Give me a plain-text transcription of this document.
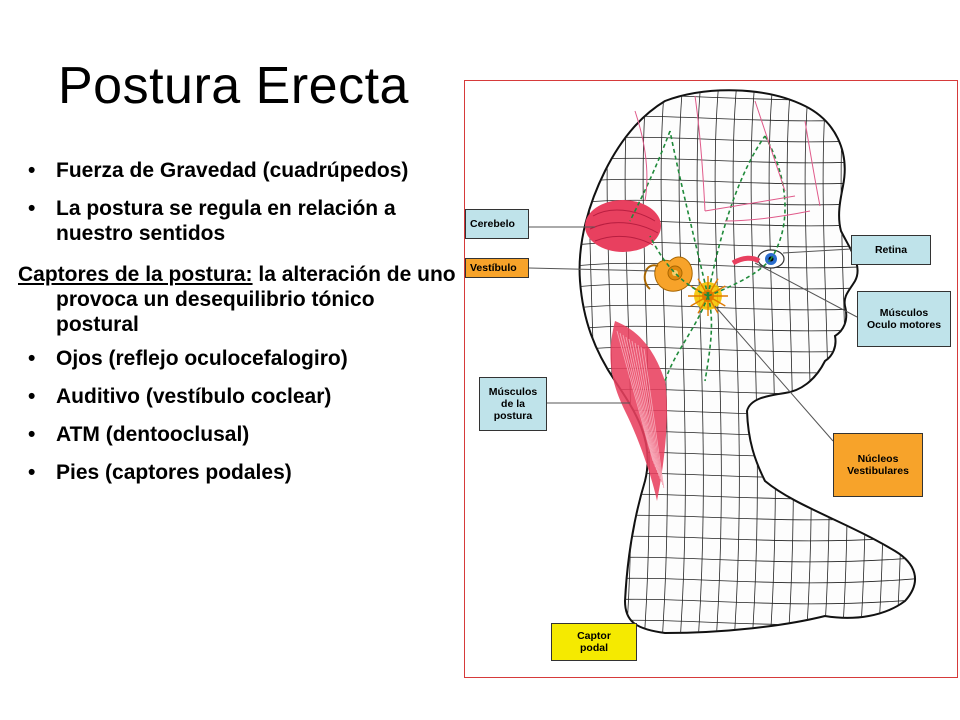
Postura Erecta
• Fuerza de Gravedad (cuadrúpedos)
• La postura se regula en relación a nuestro sentidos
Captores de la postura: la alteración de uno provoca un desequilibrio tónico postural
• Ojos (reflejo oculocefalogiro)
• Auditivo (vestíbulo coclear)
• ATM (dentooclusal)
• Pies (captores podales)
Cerebelo
Vestíbulo
Músculos de la postura
Retina
Músculos Oculo motores
Núcleos Vestibulares
Captor podal
